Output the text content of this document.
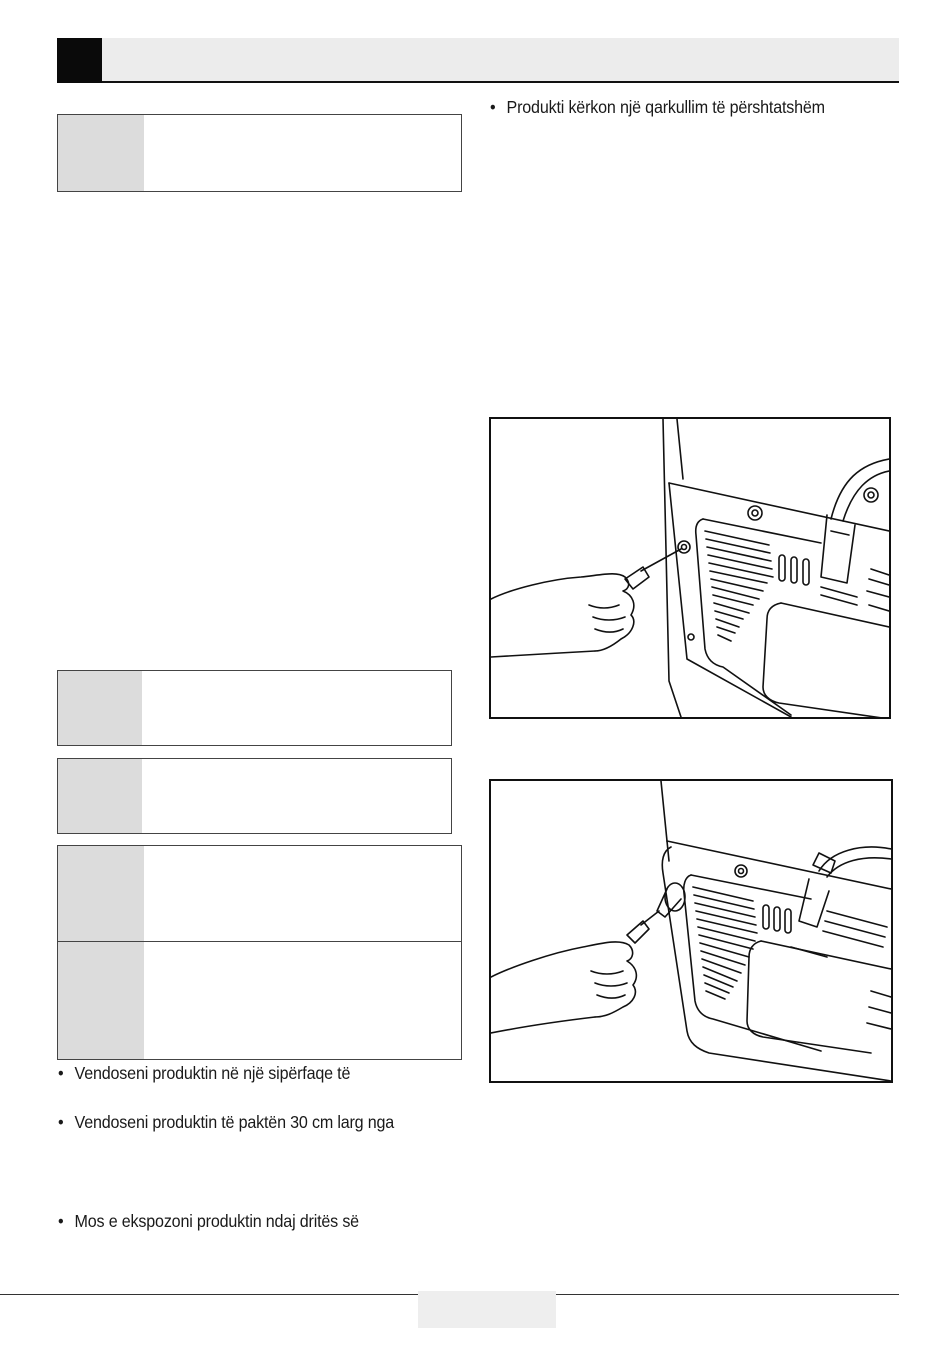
• Vendoseni produktin në një sipërfaqe të
• Vendoseni produktin të paktën 30 cm larg nga
• Mos e ekspozoni produktin ndaj dritës së
• Produkti kërkon një qarkullim të përshtatshëm
